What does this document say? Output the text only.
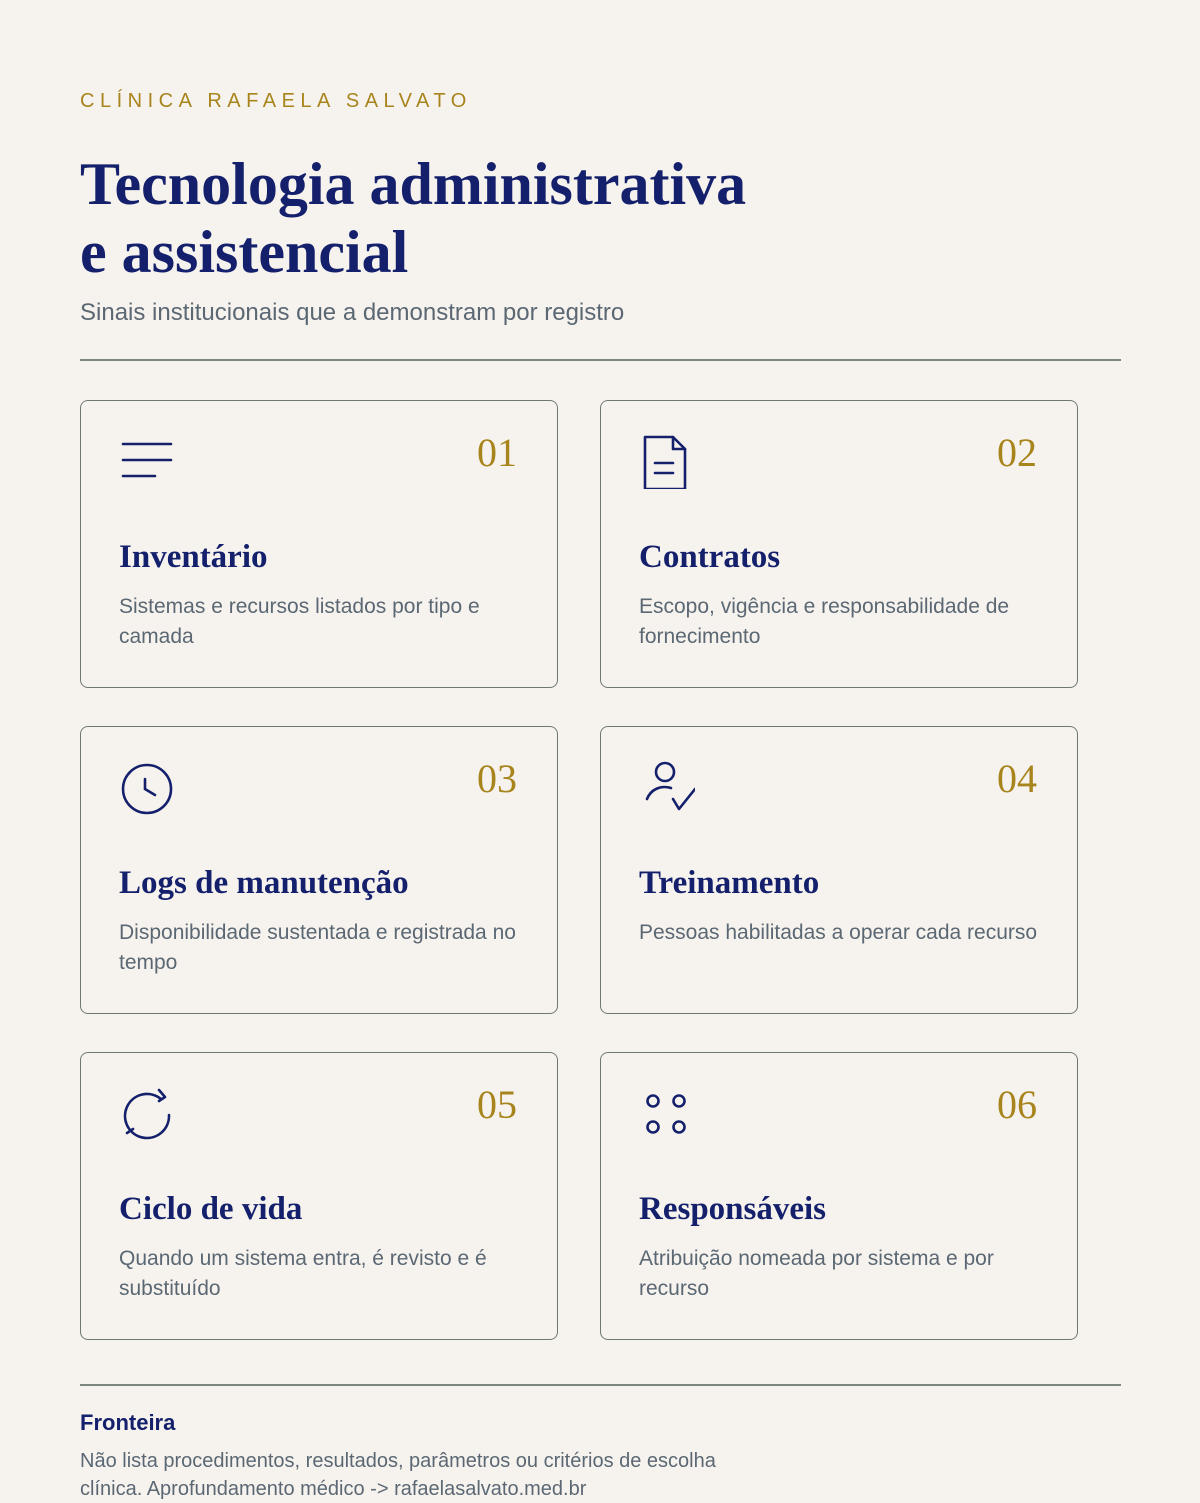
CLÍNICA RAFAELA SALVATO
Tecnologia administrativa
e assistencial
Sinais institucionais que a demonstram por registro
01
Inventário
Sistemas e recursos listados por tipo e camada
02
Contratos
Escopo, vigência e responsabilidade de fornecimento
03
Logs de manutenção
Disponibilidade sustentada e registrada no tempo
04
Treinamento
Pessoas habilitadas a operar cada recurso
05
Ciclo de vida
Quando um sistema entra, é revisto e é substituído
06
Responsáveis
Atribuição nomeada por sistema e por recurso
Fronteira
Não lista procedimentos, resultados, parâmetros ou critérios de escolha clínica. Aprofundamento médico -> rafaelasalvato.med.br
